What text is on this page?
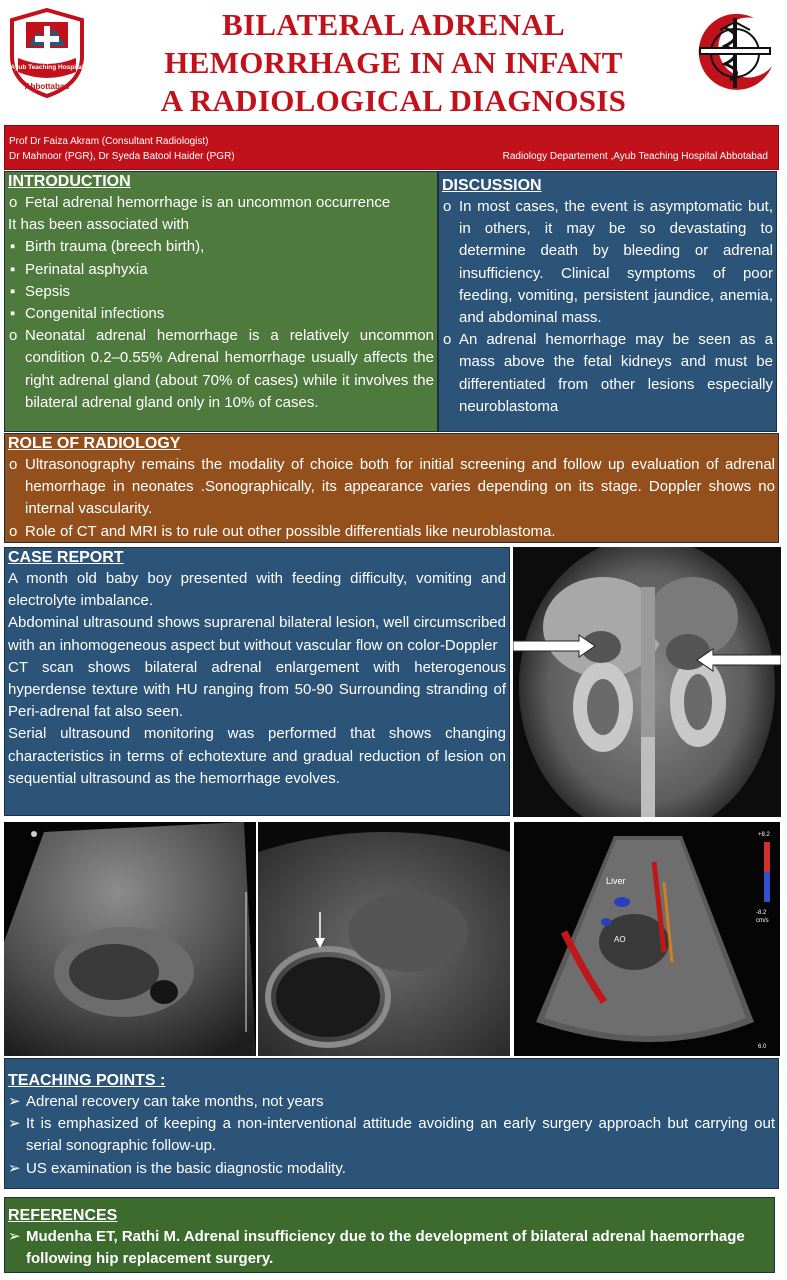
Ayub Teaching Hospital
Abbottabad
BILATERAL ADRENAL
HEMORRHAGE IN AN INFANT
A RADIOLOGICAL DIAGNOSIS
Prof Dr Faiza Akram (Consultant Radiologist)
Dr Mahnoor (PGR), Dr Syeda Batool Haider (PGR)	Radiology Departement ,Ayub Teaching Hospital Abbotabad
INTRODUCTION
o Fetal adrenal hemorrhage is an uncommon occurrence
It has been associated with
▪ Birth trauma (breech birth),
▪ Perinatal asphyxia
▪ Sepsis
▪ Congenital infections
o Neonatal adrenal hemorrhage is a relatively uncommon condition 0.2–0.55% Adrenal hemorrhage usually affects the right adrenal gland (about 70% of cases) while it involves the bilateral adrenal gland only in 10% of cases.
DISCUSSION
o In most cases, the event is asymptomatic but, in others, it may be so devastating to determine death by bleeding or adrenal insufficiency. Clinical symptoms of poor feeding, vomiting, persistent jaundice, anemia, and abdominal mass.
o An adrenal hemorrhage may be seen as a mass above the fetal kidneys and must be differentiated from other lesions especially neuroblastoma
ROLE OF RADIOLOGY
o Ultrasonography remains the modality of choice both for initial screening and follow up evaluation of adrenal hemorrhage in neonates .Sonographically, its appearance varies depending on its stage. Doppler shows no internal vascularity.
o Role of CT and MRI is to rule out other possible differentials like neuroblastoma.
CASE REPORT
A month old baby boy presented with feeding difficulty, vomiting and electrolyte imbalance.
Abdominal ultrasound shows suprarenal bilateral lesion, well circumscribed with an inhomogeneous aspect but without vascular flow on color-Doppler
CT scan shows bilateral adrenal enlargement with heterogenous hyperdense texture with HU ranging from 50-90 Surrounding stranding of Peri-adrenal fat also seen.
Serial ultrasound monitoring was performed that shows changing characteristics in terms of echotexture and gradual reduction of lesion on sequential ultrasound as the hemorrhage evolves.
Liver
AO
+8.2
-8.2
cm/s
6.0
TEACHING POINTS :
➢ Adrenal recovery can take months, not years
➢ It is emphasized of keeping a non-interventional attitude avoiding an early surgery approach but carrying out serial sonographic follow-up.
➢ US examination is the basic diagnostic modality.
REFERENCES
➢ Mudenha ET, Rathi M. Adrenal insufficiency due to the development of bilateral adrenal haemorrhage following hip replacement surgery.
